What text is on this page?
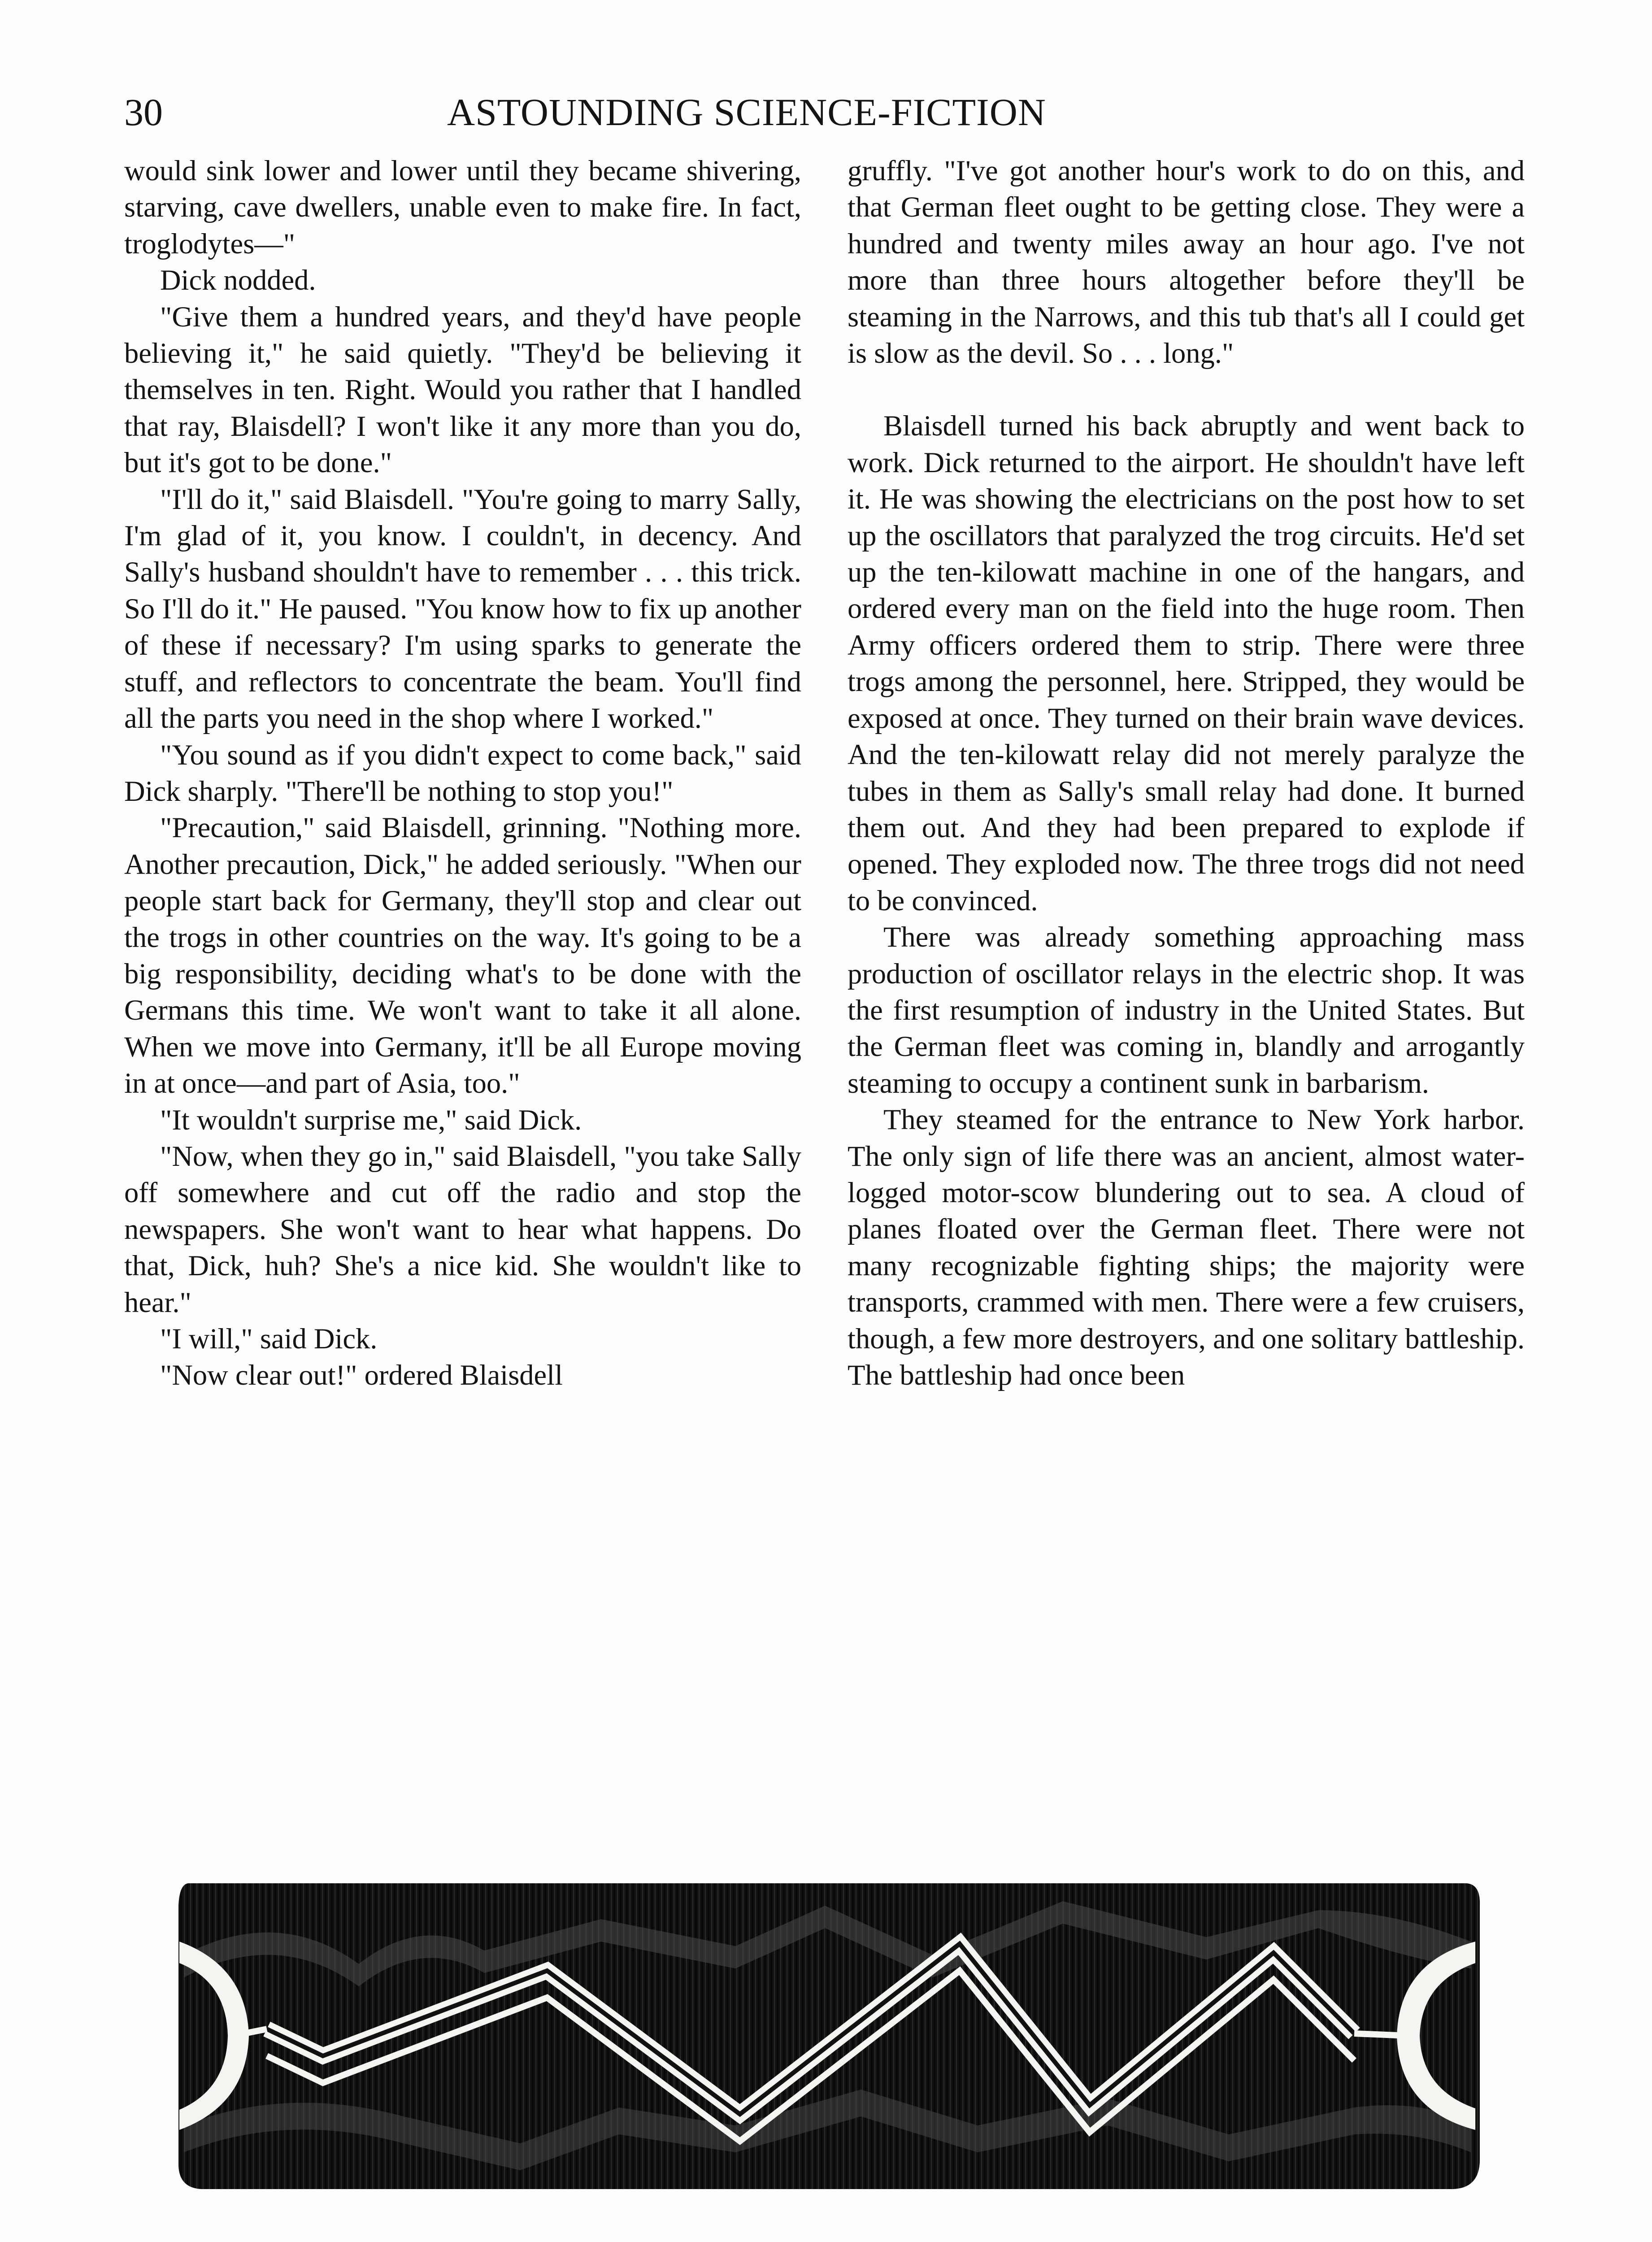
30	ASTOUNDING SCIENCE-FICTION

would sink lower and lower until they became shivering, starving, cave dwellers, unable even to make fire. In fact, troglodytes—"

Dick nodded.

"Give them a hundred years, and they'd have people believing it," he said quietly. "They'd be believing it themselves in ten. Right. Would you rather that I handled that ray, Blaisdell? I won't like it any more than you do, but it's got to be done."

"I'll do it," said Blaisdell. "You're going to marry Sally, I'm glad of it, you know. I couldn't, in decency. And Sally's husband shouldn't have to remember . . . this trick. So I'll do it." He paused. "You know how to fix up another of these if necessary? I'm using sparks to generate the stuff, and reflectors to concentrate the beam. You'll find all the parts you need in the shop where I worked."

"You sound as if you didn't expect to come back," said Dick sharply. "There'll be nothing to stop you!"

"Precaution," said Blaisdell, grinning. "Nothing more. Another precaution, Dick," he added seriously. "When our people start back for Germany, they'll stop and clear out the trogs in other countries on the way. It's going to be a big responsibility, deciding what's to be done with the Germans this time. We won't want to take it all alone. When we move into Germany, it'll be all Europe moving in at once—and part of Asia, too."

"It wouldn't surprise me," said Dick.

"Now, when they go in," said Blaisdell, "you take Sally off somewhere and cut off the radio and stop the newspapers. She won't want to hear what happens. Do that, Dick, huh? She's a nice kid. She wouldn't like to hear."

"I will," said Dick.

"Now clear out!" ordered Blaisdell

gruffly. "I've got another hour's work to do on this, and that German fleet ought to be getting close. They were a hundred and twenty miles away an hour ago. I've not more than three hours altogether before they'll be steaming in the Narrows, and this tub that's all I could get is slow as the devil. So . . . long."

Blaisdell turned his back abruptly and went back to work. Dick returned to the airport. He shouldn't have left it. He was showing the electricians on the post how to set up the oscillators that paralyzed the trog circuits. He'd set up the ten-kilowatt machine in one of the hangars, and ordered every man on the field into the huge room. Then Army officers ordered them to strip. There were three trogs among the personnel, here. Stripped, they would be exposed at once. They turned on their brain wave devices. And the ten-kilowatt relay did not merely paralyze the tubes in them as Sally's small relay had done. It burned them out. And they had been prepared to explode if opened. They exploded now. The three trogs did not need to be convinced.

There was already something approaching mass production of oscillator relays in the electric shop. It was the first resumption of industry in the United States. But the German fleet was coming in, blandly and arrogantly steaming to occupy a continent sunk in barbarism.

They steamed for the entrance to New York harbor. The only sign of life there was an ancient, almost water-logged motor-scow blundering out to sea. A cloud of planes floated over the German fleet. There were not many recognizable fighting ships; the majority were transports, crammed with men. There were a few cruisers, though, a few more destroyers, and one solitary battleship. The battleship had once been
